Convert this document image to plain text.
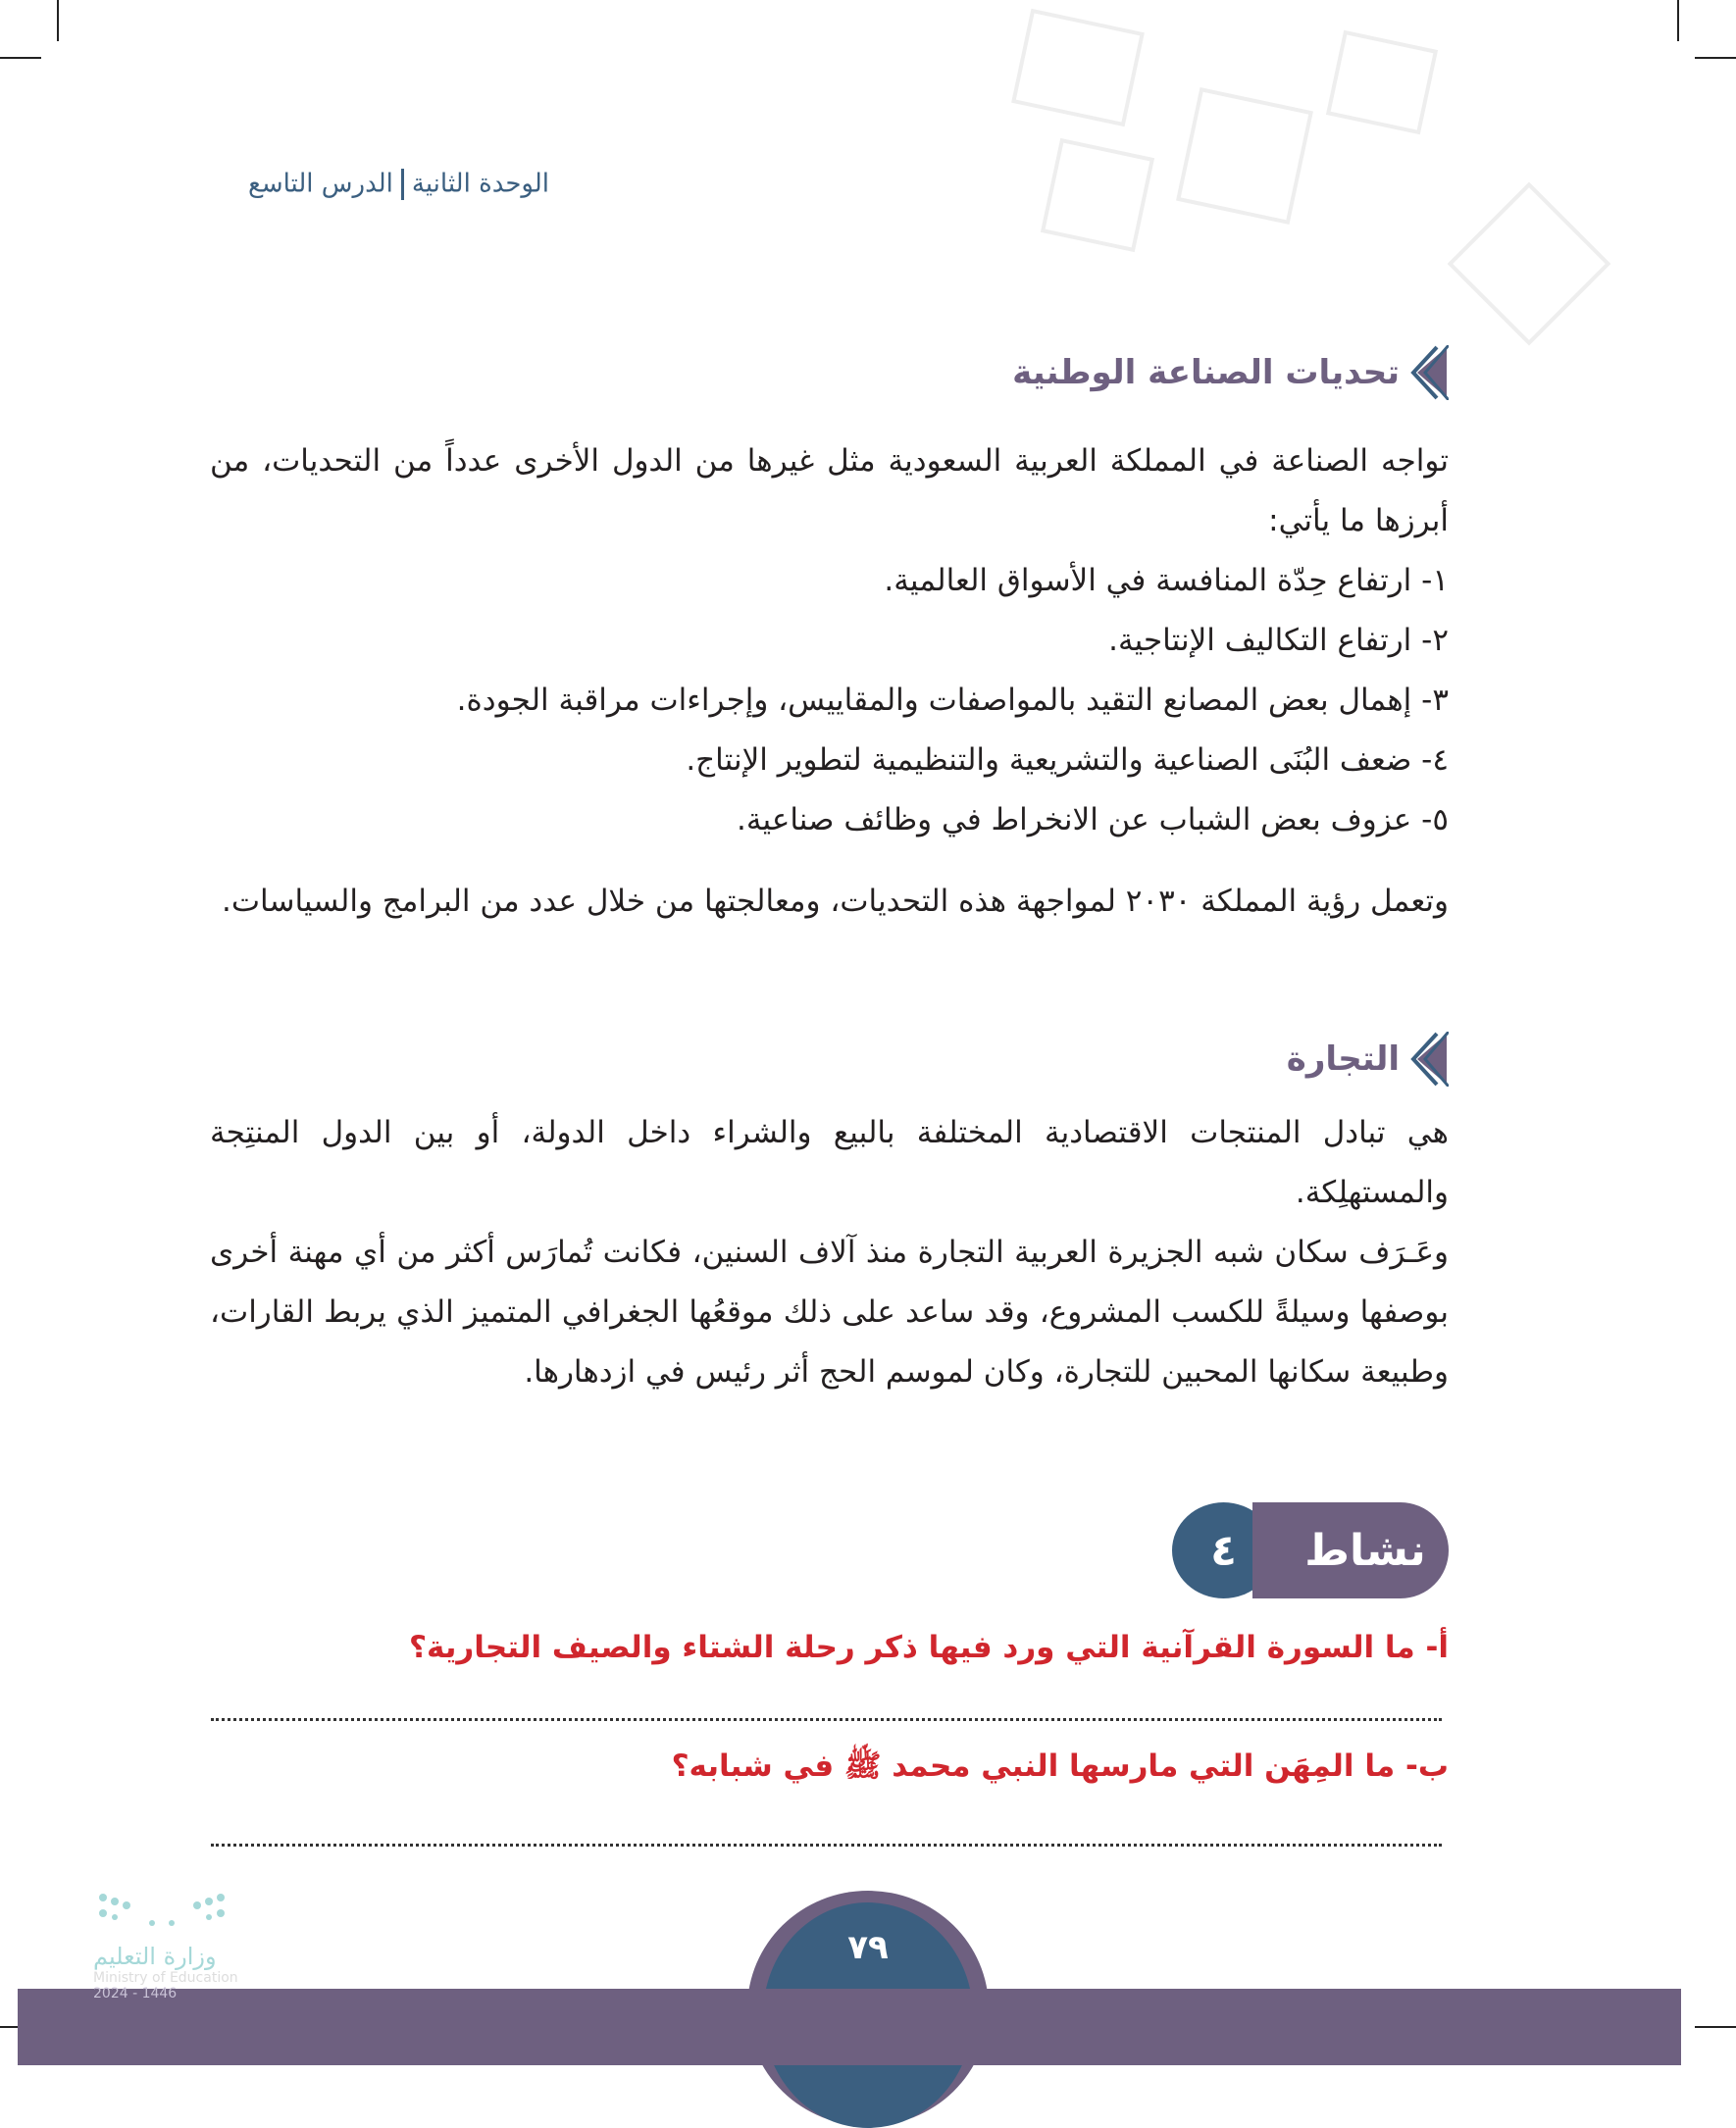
الوحدة الثانيةالدرس التاسع
تحديات الصناعة الوطنية

تواجه الصناعة في المملكة العربية السعودية مثل غيرها من الدول الأخرى عدداً من التحديات، من أبرزها ما يأتي:

١- ارتفاع حِدّة المنافسة في الأسواق العالمية.
٢- ارتفاع التكاليف الإنتاجية.
٣- إهمال بعض المصانع التقيد بالمواصفات والمقاييس، وإجراءات مراقبة الجودة.
٤- ضعف البُنَى الصناعية والتشريعية والتنظيمية لتطوير الإنتاج.
٥- عزوف بعض الشباب عن الانخراط في وظائف صناعية.

وتعمل رؤية المملكة ٢٠٣٠ لمواجهة هذه التحديات، ومعالجتها من خلال عدد من البرامج والسياسات.

التجارة

هي تبادل المنتجات الاقتصادية المختلفة بالبيع والشراء داخل الدولة، أو بين الدول المنتِجة والمستهلِكة.

وعَـرَف سكان شبه الجزيرة العربية التجارة منذ آلاف السنين، فكانت تُمارَس أكثر من أي مهنة أخرى بوصفها وسيلةً للكسب المشروع، وقد ساعد على ذلك موقعُها الجغرافي المتميز الذي يربط القارات، وطبيعة سكانها المحبين للتجارة، وكان لموسم الحج أثر رئيس في ازدهارها.

٤	نشاط
أ- ما السورة القرآنية التي ورد فيها ذكر رحلة الشتاء والصيف التجارية؟
ب- ما المِهَن التي مارسها النبي محمد ﷺ في شبابه؟
٧٩
وزارة التعليم
Ministry of Education
2024 - 1446
